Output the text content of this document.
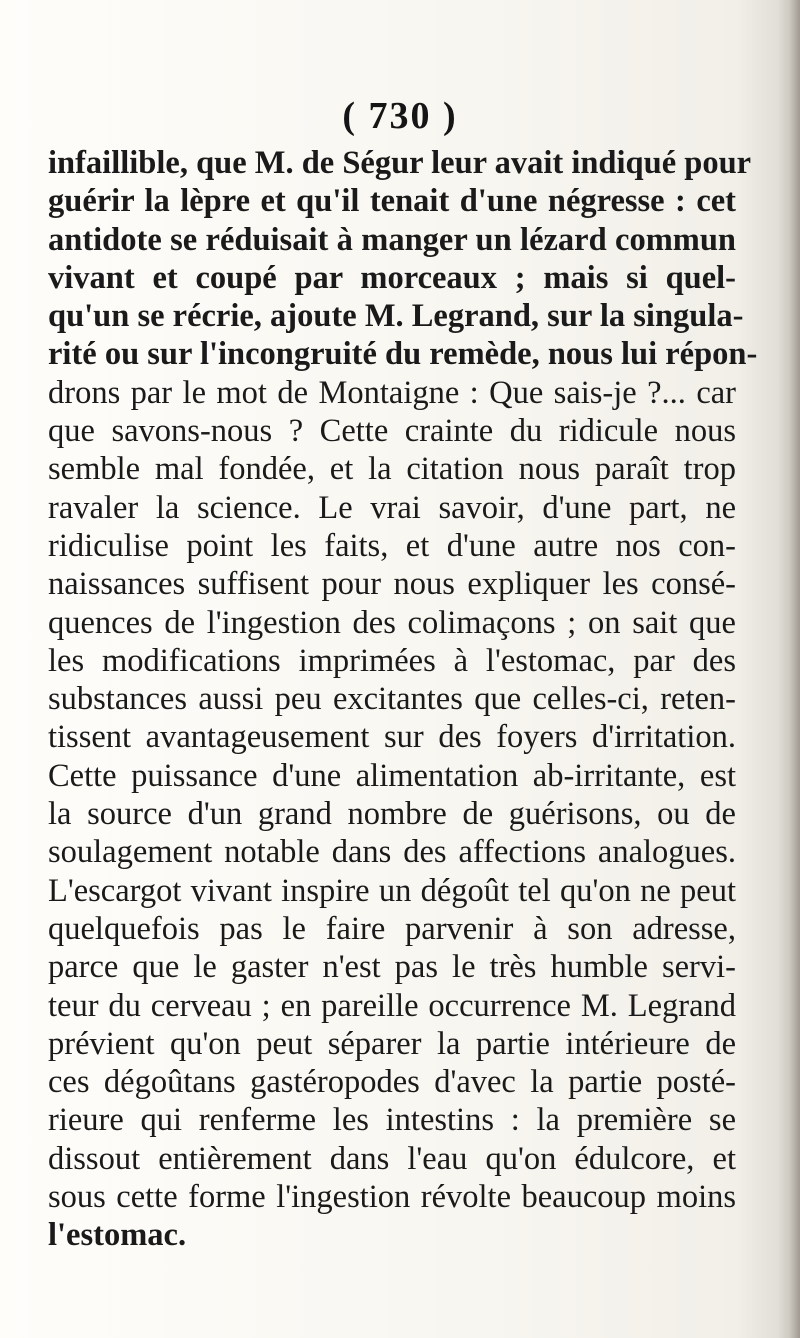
( 730 )
infaillible, que M. de Ségur leur avait indiqué pour
guérir la lèpre et qu'il tenait d'une négresse : cet
antidote se réduisait à manger un lézard commun
vivant et coupé par morceaux ; mais si quel-
qu'un se récrie, ajoute M. Legrand, sur la singula-
rité ou sur l'incongruité du remède, nous lui répon-
drons par le mot de Montaigne : Que sais-je ?... car
que savons-nous ? Cette crainte du ridicule nous
semble mal fondée, et la citation nous paraît trop
ravaler la science. Le vrai savoir, d'une part, ne
ridiculise point les faits, et d'une autre nos con-
naissances suffisent pour nous expliquer les consé-
quences de l'ingestion des colimaçons ; on sait que
les modifications imprimées à l'estomac, par des
substances aussi peu excitantes que celles-ci, reten-
tissent avantageusement sur des foyers d'irritation.
Cette puissance d'une alimentation ab-irritante, est
la source d'un grand nombre de guérisons, ou de
soulagement notable dans des affections analogues.
L'escargot vivant inspire un dégoût tel qu'on ne peut
quelquefois pas le faire parvenir à son adresse,
parce que le gaster n'est pas le très humble servi-
teur du cerveau ; en pareille occurrence M. Legrand
prévient qu'on peut séparer la partie intérieure de
ces dégoûtans gastéropodes d'avec la partie posté-
rieure qui renferme les intestins : la première se
dissout entièrement dans l'eau qu'on édulcore, et
sous cette forme l'ingestion révolte beaucoup moins
l'estomac.
